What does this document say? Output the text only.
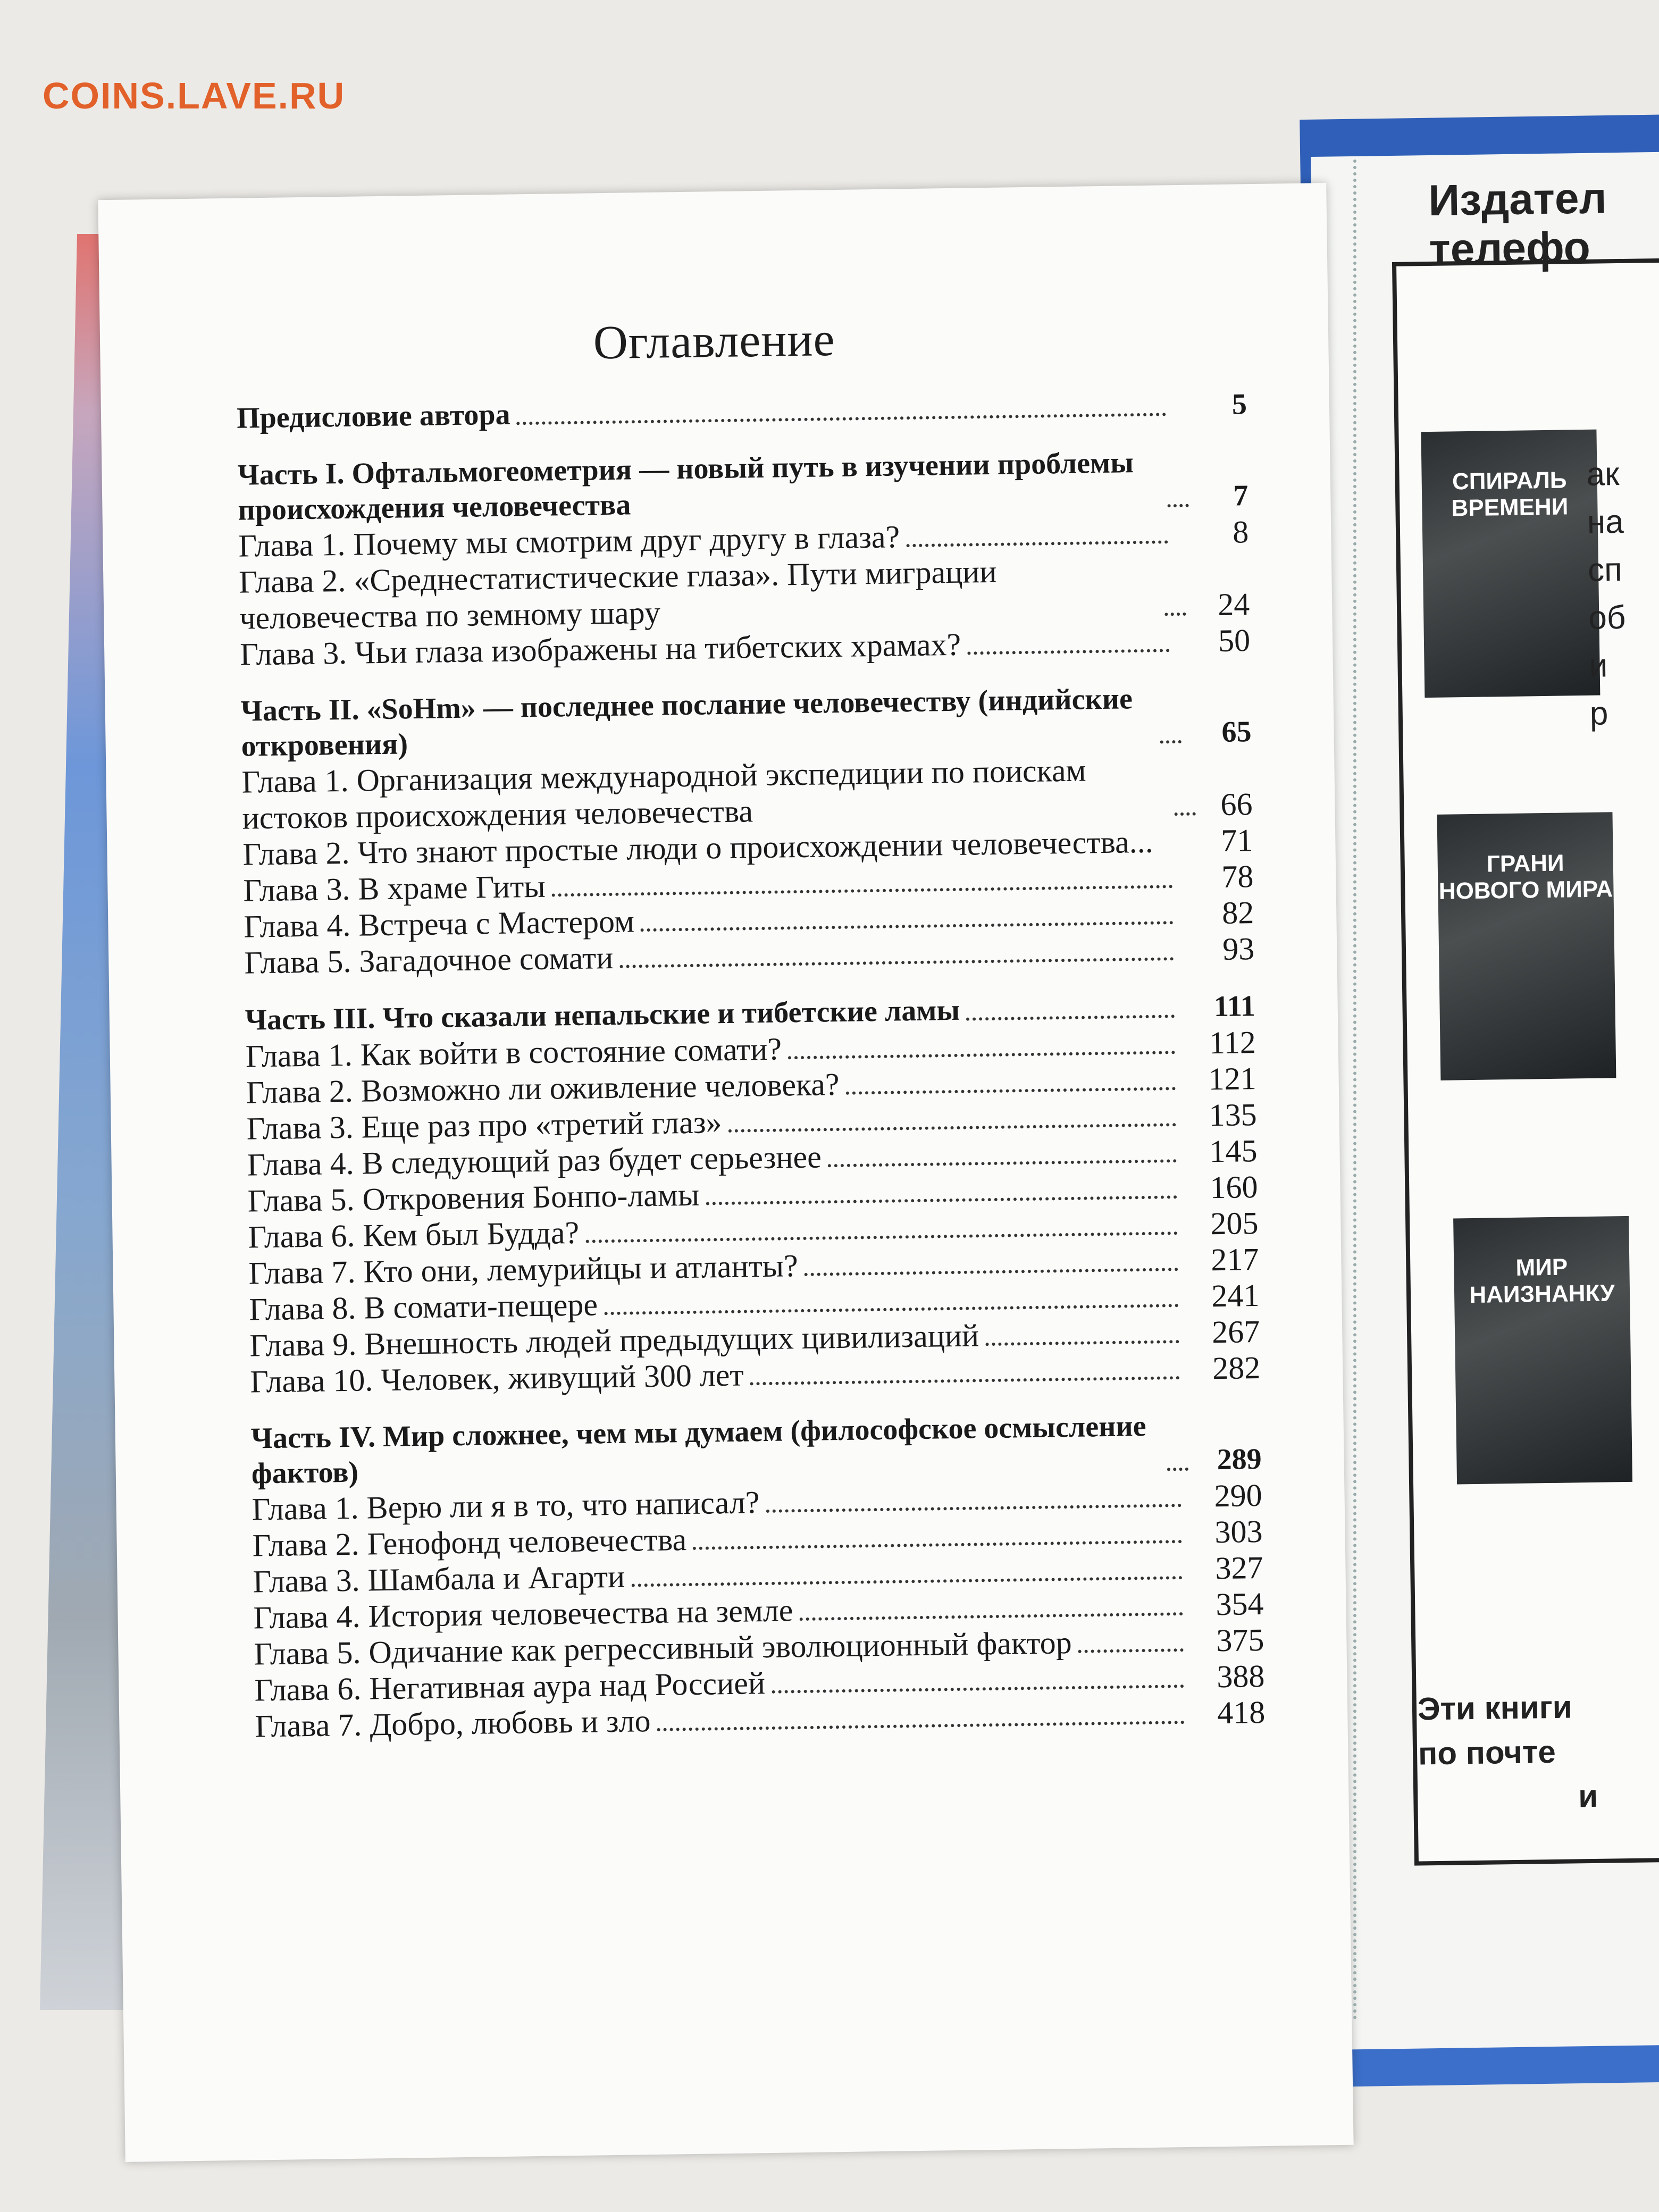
COINS.LAVE.RU
Издател
телефо
СПИРАЛЬ ВРЕМЕНИ
ГРАНИ НОВОГО МИРА
МИР НАИЗНАНКУ
ак
на
сп
об
и
р
Эти книги
по почте
и
Оглавление
Предисловие автора	5
Часть I. Офтальмогеометрия — новый путь в изучении проблемы происхождения человечества	7
Глава 1. Почему мы смотрим друг другу в глаза?	8
Глава 2. «Среднестатистические глаза». Пути миграции человечества по земному шару	24
Глава 3. Чьи глаза изображены на тибетских храмах?	50
Часть II. «SoHm» — последнее послание человечеству (индийские откровения)	65
Глава 1. Организация международной экспедиции по поискам истоков происхождения человечества	66
Глава 2. Что знают простые люди о происхождении человечества...	71
Глава 3. В храме Гиты	78
Глава 4. Встреча с Мастером	82
Глава 5. Загадочное сомати	93
Часть III. Что сказали непальские и тибетские ламы	111
Глава 1. Как войти в состояние сомати?	112
Глава 2. Возможно ли оживление человека?	121
Глава 3. Еще раз про «третий глаз»	135
Глава 4. В следующий раз будет серьезнее	145
Глава 5. Откровения Бонпо-ламы	160
Глава 6. Кем был Будда?	205
Глава 7. Кто они, лемурийцы и атланты?	217
Глава 8. В сомати-пещере	241
Глава 9. Внешность людей предыдущих цивилизаций	267
Глава 10. Человек, живущий 300 лет	282
Часть IV. Мир сложнее, чем мы думаем (философское осмысление фактов)	289
Глава 1. Верю ли я в то, что написал?	290
Глава 2. Генофонд человечества	303
Глава 3. Шамбала и Агарти	327
Глава 4. История человечества на земле	354
Глава 5. Одичание как регрессивный эволюционный фактор	375
Глава 6. Негативная аура над Россией	388
Глава 7. Добро, любовь и зло	418
